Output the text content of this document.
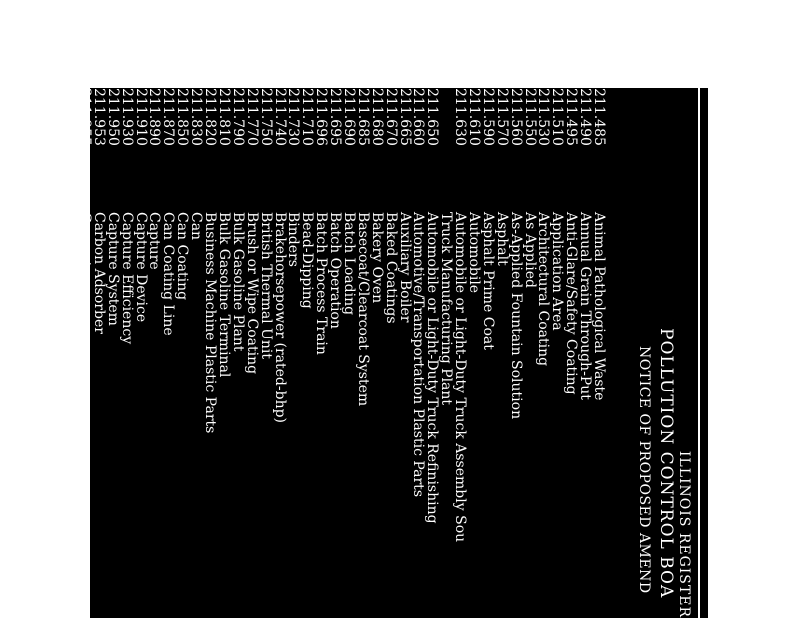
ILLINOIS REGISTER
POLLUTION CONTROL BOA
NOTICE OF PROPOSED AMEND
211.485
Animal Pathological Waste
211.490
Annual Grain Through-Put
211.495
Anti-Glare/Safety Coating
211.510
Application Area
211.530
Architectural Coating
211.550
As Applied
211.560
As-Applied Fountain Solution
211.570
Asphalt
211.590
Asphalt Prime Coat
211.610
Automobile
211.630
Automobile or Light-Duty Truck Assembly Sou
Truck Manufacturing Plant
211.650
Automobile or Light-Duty Truck Refinishing
211.660
Automotive/Transportation Plastic Parts
211.665
Auxiliary Boiler
211.670
Baked Coatings
211.680
Bakery Oven
211.685
Basecoat/Clearcoat System
211.690
Batch Loading
211.695
Batch Operation
211.696
Batch Process Train
211.710
Bead-Dipping
211.730
Binders
211.740
Brakehorsepower (rated-bhp)
211.750
British Thermal Unit
211.770
Brush or Wipe Coating
211.790
Bulk Gasoline Plant
211.810
Bulk Gasoline Terminal
211.820
Business Machine Plastic Parts
211.830
Can
211.850
Can Coating
211.870
Can Coating Line
211.890
Capture
211.910
Capture Device
211.930
Capture Efficiency
211.950
Capture System
211.953
Carbon Adsorber
211.955
Cement
211.960
Cement Kiln
